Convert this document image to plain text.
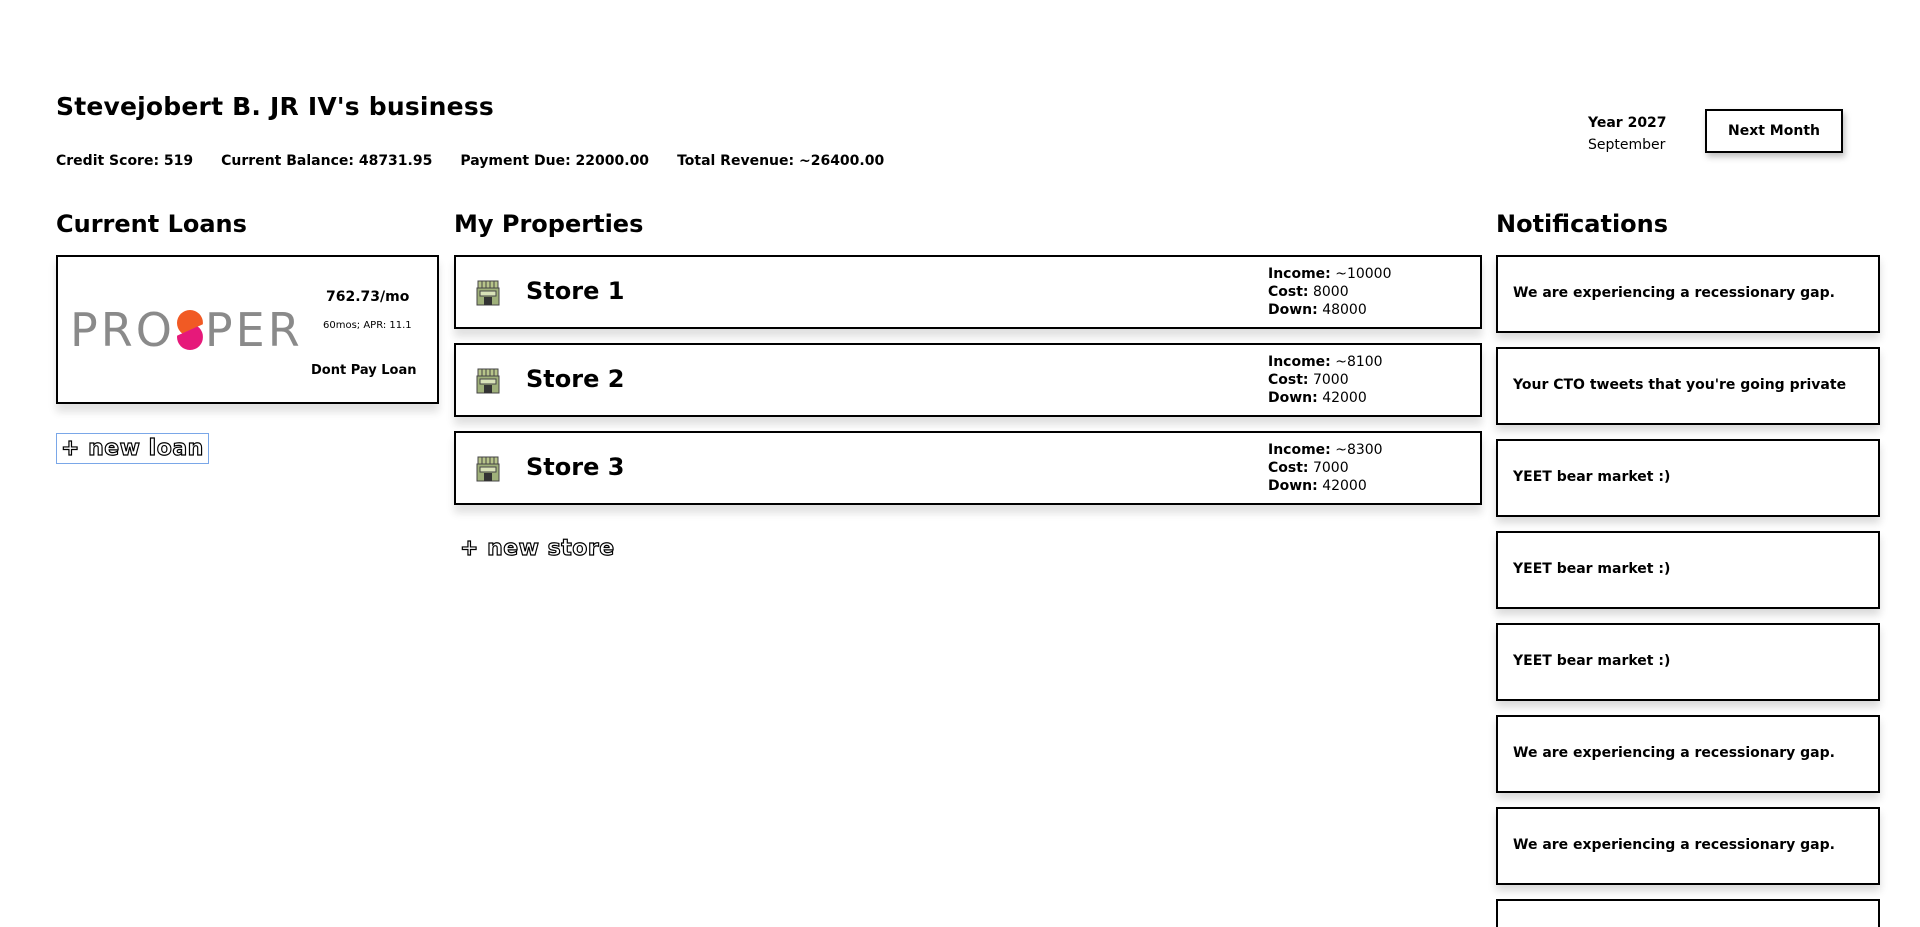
Stevejobert B. JR IV's business
Credit Score: 519 Current Balance: 48731.95 Payment Due: 22000.00 Total Revenue: ~26400.00
Year 2027
September
Next Month
Current Loans	My Properties	Notifications
PRO PER
762.73/mo
60mos; APR: 11.1
Dont Pay Loan
+ new loan
Store 1
Income: ~10000
Cost: 8000
Down: 48000
Store 2
Income: ~8100
Cost: 7000
Down: 42000
Store 3
Income: ~8300
Cost: 7000
Down: 42000
+ new store
We are experiencing a recessionary gap.
Your CTO tweets that you're going private
YEET bear market :)
YEET bear market :)
YEET bear market :)
We are experiencing a recessionary gap.
We are experiencing a recessionary gap.
